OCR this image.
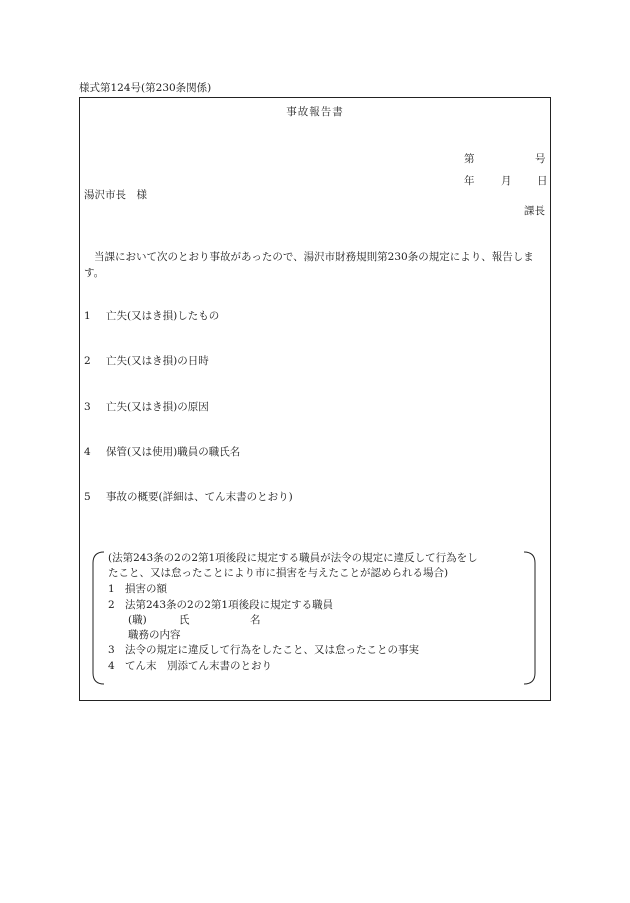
様式第124号(第230条関係)
事故報告書
第	号
年	月 日
湯沢市長　様
課長
当課において次のとおり事故があったので、湯沢市財務規則第230条の規定により、報告します。
1 亡失(又はき損)したもの
2 亡失(又はき損)の日時
3 亡失(又はき損)の原因
4 保管(又は使用)職員の職氏名
5 事故の概要(詳細は、てん末書のとおり)
(法第243条の2の2第1項後段に規定する職員が法令の規定に違反して行為をし
たこと、又は怠ったことにより市に損害を与えたことが認められる場合)
1 損害の額
2 法第243条の2の2第1項後段に規定する職員
(職)	氏	名
職務の内容
3 法令の規定に違反して行為をしたこと、又は怠ったことの事実
4 てん末　別添てん末書のとおり
